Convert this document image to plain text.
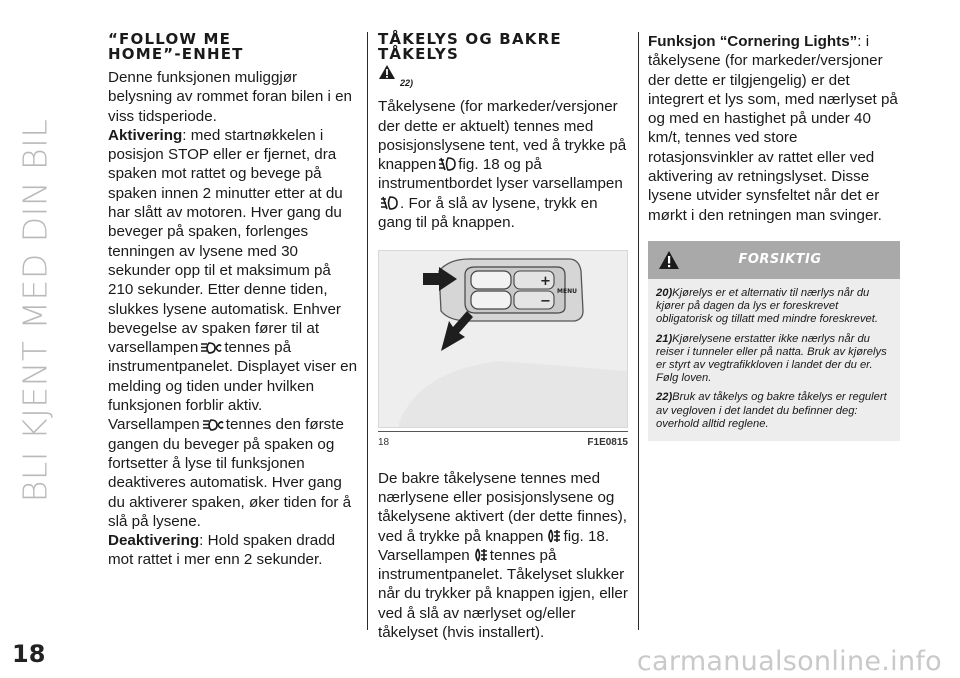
BLI KJENT MED DIN BIL
18	carmanualsonline.info
“FOLLOW ME
HOME”-ENHET

Denne funksjonen muliggjør belysning av rommet foran bilen i en viss tidsperiode.

Aktivering: med startnøkkelen i posisjon STOP eller er fjernet, dra spaken mot rattet og bevege på spaken innen 2 minutter etter at du har slått av motoren. Hver gang du beveger på spaken, forlenges tenningen av lysene med 30 sekunder opp til et maksimum på 210 sekunder. Etter denne tiden, slukkes lysene automatisk. Enhver bevegelse av spaken fører til at varsellampen tennes på instrumentpanelet. Displayet viser en melding og tiden under hvilken funksjonen forblir aktiv.
Varsellampen tennes den første gangen du beveger på spaken og fortsetter å lyse til funksjonen deaktiveres automatisk. Hver gang du aktiverer spaken, øker tiden for å slå på lysene.

Deaktivering: Hold spaken dradd mot rattet i mer enn 2 sekunder.

TÅKELYS OG BAKRE
TÅKELYS
22)

Tåkelysene (for markeder/versjoner der dette er aktuelt) tennes med posisjonslysene tent, ved å trykke på knappen fig. 18 og på instrumentbordet lyser varsellampen
. For å slå av lysene, trykk en gang til på knappen.

+
−
MENU
18	F1E0815

De bakre tåkelysene tennes med nærlysene eller posisjonslysene og tåkelysene aktivert (der dette finnes), ved å trykke på knappen fig. 18. Varsellampen tennes på instrumentpanelet. Tåkelyset slukker når du trykker på knappen igjen, eller ved å slå av nærlyset og/eller tåkelyset (hvis installert).

Funksjon “Cornering Lights”: i tåkelysene (for markeder/versjoner der dette er tilgjengelig) er det integrert et lys som, med nærlyset på og med en hastighet på under 40 km/t, tennes ved store rotasjonsvinkler av rattet eller ved aktivering av retningslyset. Disse lysene utvider synsfeltet når det er mørkt i den retningen man svinger.

FORSIKTIG

20)Kjørelys er et alternativ til nærlys når du kjører på dagen da lys er foreskrevet obligatorisk og tillatt med mindre foreskrevet.

21)Kjørelysene erstatter ikke nærlys når du reiser i tunneler eller på natta. Bruk av kjørelys er styrt av vegtrafikkloven i landet der du er. Følg loven.

22)Bruk av tåkelys og bakre tåkelys er regulert av vegloven i det landet du befinner deg: overhold alltid reglene.
